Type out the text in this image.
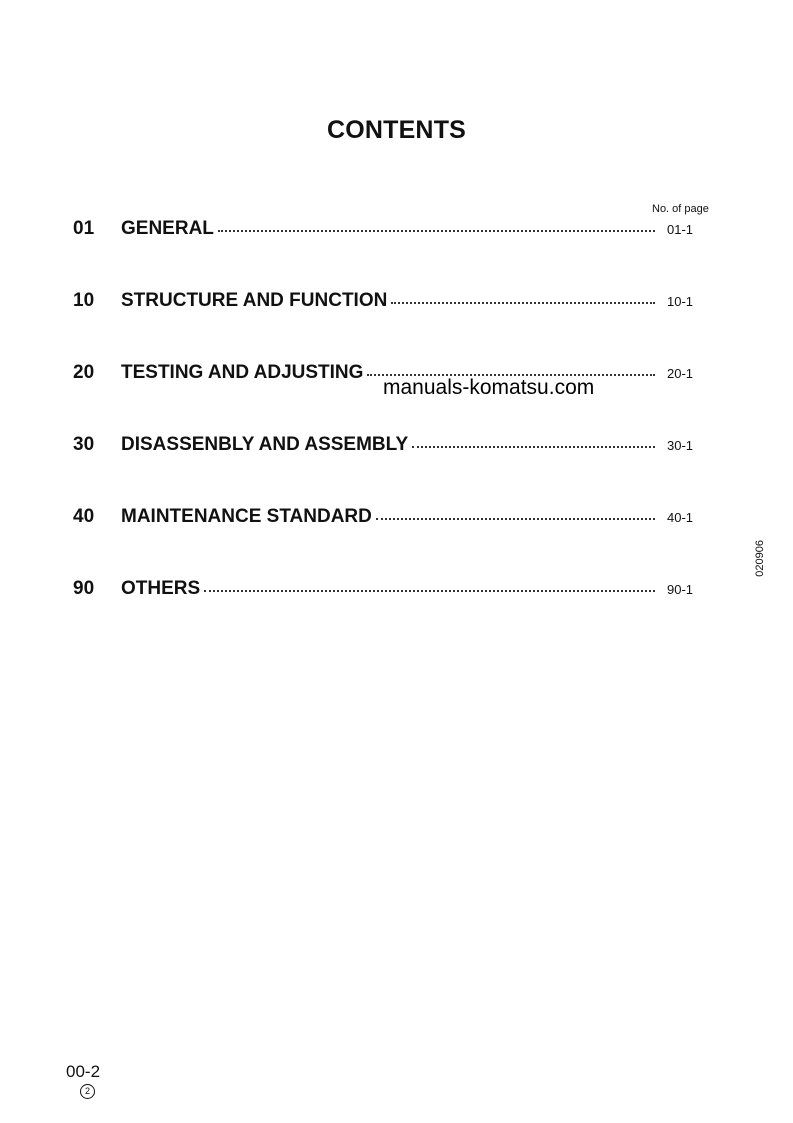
CONTENTS
No. of page
01	GENERAL	01-1
10	STRUCTURE AND FUNCTION	10-1
20	TESTING AND ADJUSTING	20-1
30	DISASSENBLY AND ASSEMBLY	30-1
40	MAINTENANCE STANDARD	40-1
90	OTHERS	90-1
manuals-komatsu.com
020906
00-2
2
